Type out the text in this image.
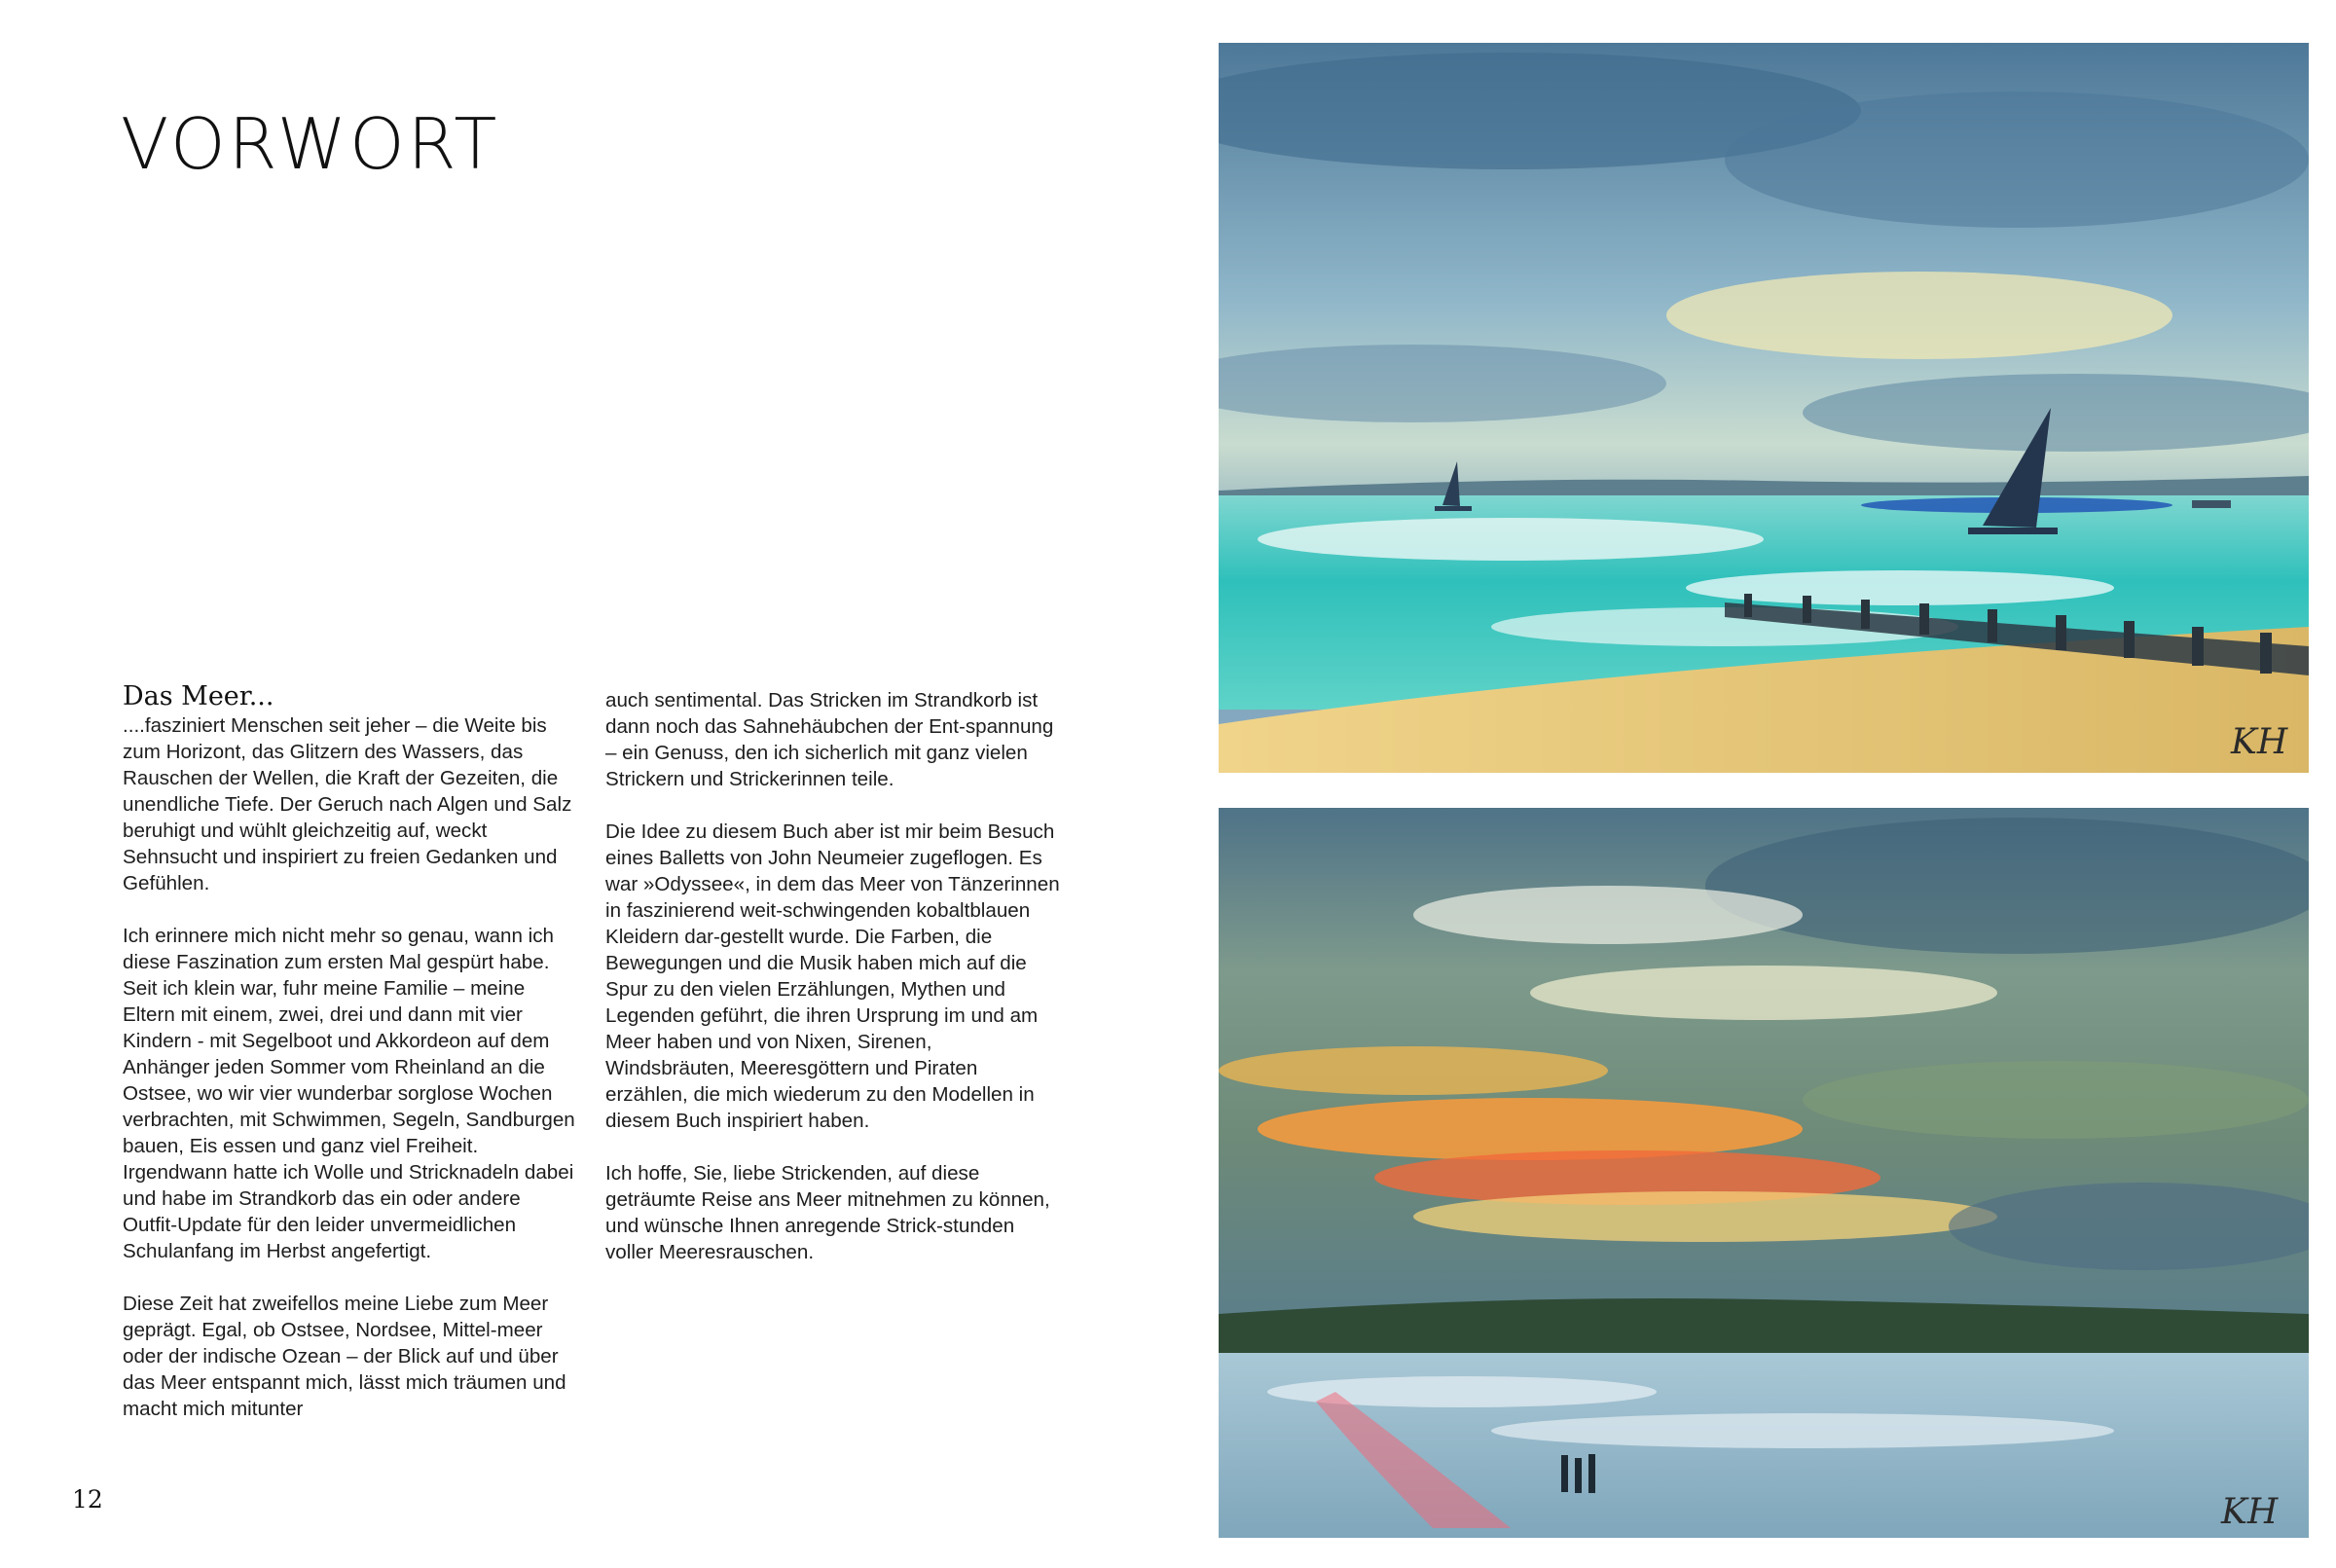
VORWORT
Das Meer...

....fasziniert Menschen seit jeher – die Weite bis zum Horizont, das Glitzern des Wassers, das Rauschen der Wellen, die Kraft der Gezeiten, die unendliche Tiefe. Der Geruch nach Algen und Salz beruhigt und wühlt gleichzeitig auf, weckt Sehnsucht und inspiriert zu freien Gedanken und Gefühlen.

Ich erinnere mich nicht mehr so genau, wann ich diese Faszination zum ersten Mal gespürt habe. Seit ich klein war, fuhr meine Familie – meine Eltern mit einem, zwei, drei und dann mit vier Kindern - mit Segelboot und Akkordeon auf dem Anhänger jeden Sommer vom Rheinland an die Ostsee, wo wir vier wunderbar sorglose Wochen verbrachten, mit Schwimmen, Segeln, Sandburgen bauen, Eis essen und ganz viel Freiheit. Irgendwann hatte ich Wolle und Stricknadeln dabei und habe im Strandkorb das ein oder andere Outfit-Update für den leider unvermeidlichen Schulanfang im Herbst angefertigt.

Diese Zeit hat zweifellos meine Liebe zum Meer geprägt. Egal, ob Ostsee, Nordsee, Mittel-meer oder der indische Ozean – der Blick auf und über das Meer entspannt mich, lässt mich träumen und macht mich mitunter

auch sentimental. Das Stricken im Strandkorb ist dann noch das Sahnehäubchen der Ent-spannung – ein Genuss, den ich sicherlich mit ganz vielen Strickern und Strickerinnen teile.

Die Idee zu diesem Buch aber ist mir beim Besuch eines Balletts von John Neumeier zugeflogen. Es war »Odyssee«, in dem das Meer von Tänzerinnen in faszinierend weit-schwingenden kobaltblauen Kleidern dar-gestellt wurde. Die Farben, die Bewegungen und die Musik haben mich auf die Spur zu den vielen Erzählungen, Mythen und Legenden geführt, die ihren Ursprung im und am Meer haben und von Nixen, Sirenen, Windsbräuten, Meeresgöttern und Piraten erzählen, die mich wiederum zu den Modellen in diesem Buch inspiriert haben.

Ich hoffe, Sie, liebe Strickenden, auf diese geträumte Reise ans Meer mitnehmen zu können, und wünsche Ihnen anregende Strick-stunden voller Meeresrauschen.

12
KH
KH
